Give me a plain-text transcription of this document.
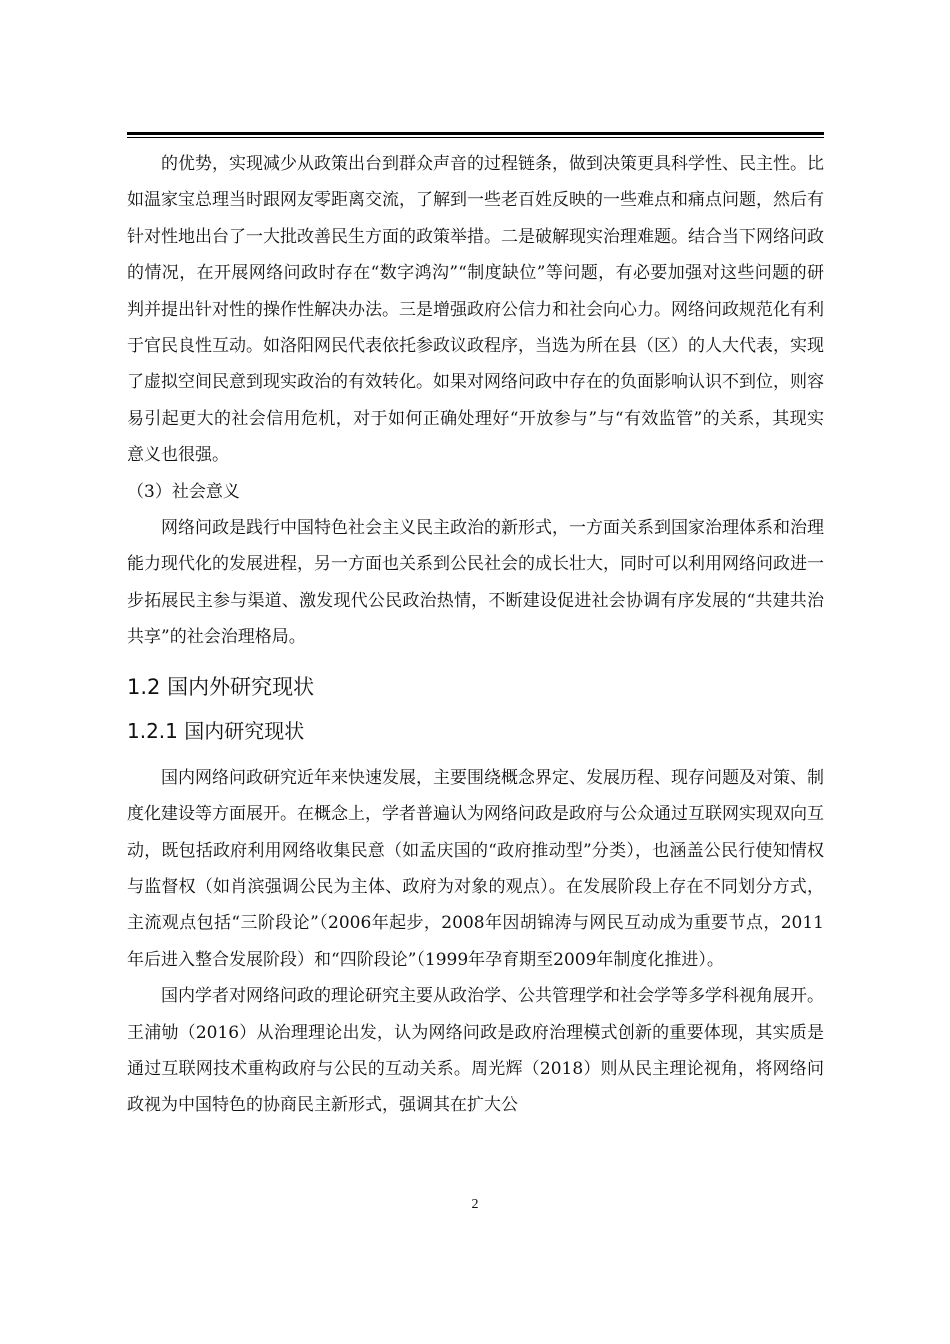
的优势，实现减少从政策出台到群众声音的过程链条，做到决策更具科学性、民主性。比如温家宝总理当时跟网友零距离交流，了解到一些老百姓反映的一些难点和痛点问题，然后有针对性地出台了一大批改善民生方面的政策举措。二是破解现实治理难题。结合当下网络问政的情况，在开展网络问政时存在“数字鸿沟”“制度缺位”等问题，有必要加强对这些问题的研判并提出针对性的操作性解决办法。三是增强政府公信力和社会向心力。网络问政规范化有利于官民良性互动。如洛阳网民代表依托参政议政程序，当选为所在县（区）的人大代表，实现了虚拟空间民意到现实政治的有效转化。如果对网络问政中存在的负面影响认识不到位，则容易引起更大的社会信用危机，对于如何正确处理好“开放参与”与“有效监管”的关系，其现实意义也很强。

（3）社会意义

网络问政是践行中国特色社会主义民主政治的新形式，一方面关系到国家治理体系和治理能力现代化的发展进程，另一方面也关系到公民社会的成长壮大，同时可以利用网络问政进一步拓展民主参与渠道、激发现代公民政治热情，不断建设促进社会协调有序发展的“共建共治共享”的社会治理格局。

1.2 国内外研究现状
1.2.1 国内研究现状

国内网络问政研究近年来快速发展，主要围绕概念界定、发展历程、现存问题及对策、制度化建设等方面展开。在概念上，学者普遍认为网络问政是政府与公众通过互联网实现双向互动，既包括政府利用网络收集民意（如孟庆国的“政府推动型”分类），也涵盖公民行使知情权与监督权（如肖滨强调公民为主体、政府为对象的观点）。在发展阶段上存在不同划分方式，主流观点包括“三阶段论”（2006年起步，2008年因胡锦涛与网民互动成为重要节点，2011年后进入整合发展阶段）和“四阶段论”（1999年孕育期至2009年制度化推进）。

国内学者对网络问政的理论研究主要从政治学、公共管理学和社会学等多学科视角展开。王浦劬（2016）从治理理论出发，认为网络问政是政府治理模式创新的重要体现，其实质是通过互联网技术重构政府与公民的互动关系。周光辉（2018）则从民主理论视角，将网络问政视为中国特色的协商民主新形式，强调其在扩大公

2
